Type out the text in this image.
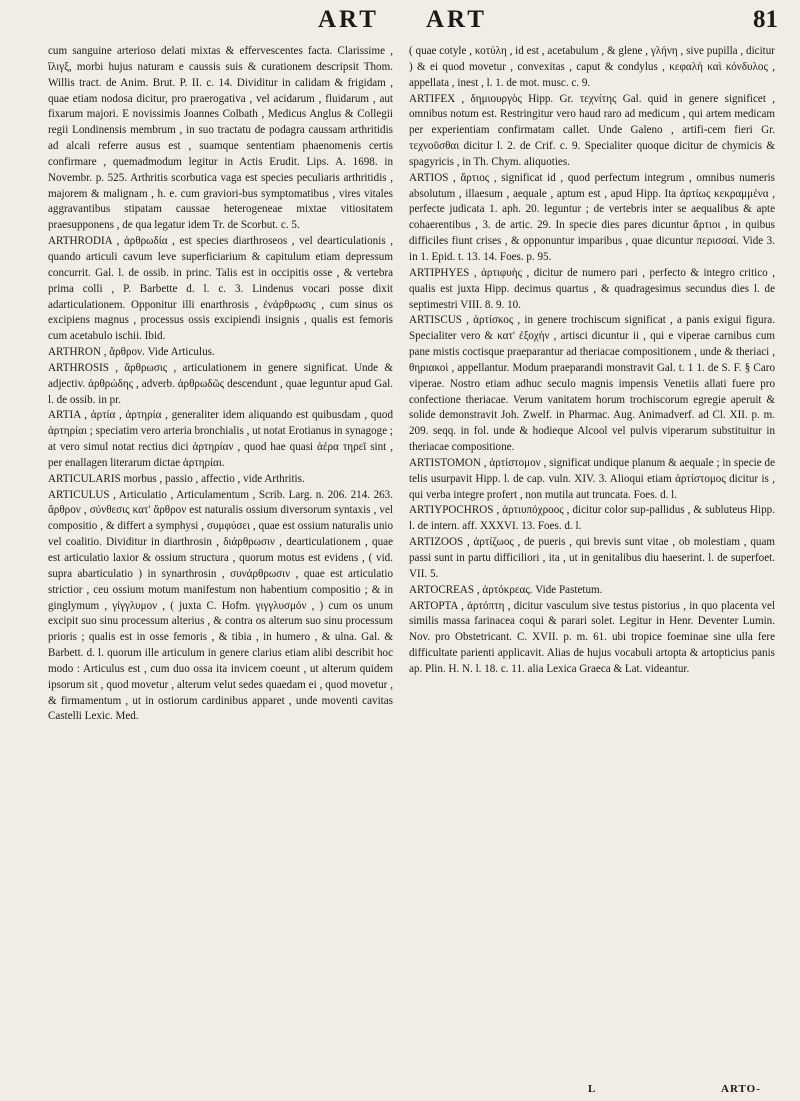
ART ART	81

cum sanguine arterioso delati mixtas & effervescentes facta. Clarissime , ἴλιγξ, morbi hujus naturam e caussis suis & curationem descripsit Thom. Willis tract. de Anim. Brut. P. II. c. 14. Dividitur in calidam & frigidam , quae etiam nodosa dicitur, pro praerogativa , vel acidarum , fluidarum , aut fixarum majori. E novissimis Joannes Colbath , Medicus Anglus & Collegii regii Londinensis membrum , in suo tractatu de podagra caussam arthritidis ad alcali referre ausus est , suamque sententiam phaenomenis certis confirmare , quemadmodum legitur in Actis Erudit. Lips. A. 1698. in Novembr. p. 525. Arthritis scorbutica vaga est species peculiaris arthritidis , majorem & malignam , h. e. cum graviori-bus symptomatibus , vires vitales aggravantibus stipatam caussae heterogeneae mixtae vitiositatem praesupponens , de qua legatur idem Tr. de Scorbut. c. 5.

ARTHRODIA , ἀρθρωδία , est species diarthroseos , vel dearticulationis , quando articuli cavum leve superficiarium & capitulum etiam depressum concurrit. Gal. l. de ossib. in princ. Talis est in occipitis osse , & vertebra prima colli , P. Barbette d. l. c. 3. Lindenus vocari posse dixit adarticulationem. Opponitur illi enarthrosis , ἐνάρθρωσις , cum sinus os excipiens magnus , processus ossis excipiendi insignis , qualis est femoris cum acetabulo ischii. Ibid.

ARTHRON , ἄρθρον. Vide Articulus.

ARTHROSIS , ἄρθρωσις , articulationem in genere significat. Unde & adjectiv. ἀρθρώδης , adverb. ἀρθρωδῶς descendunt , quae leguntur apud Gal. l. de ossib. in pr.

ARTIA , ἀρτία , ἀρτηρία , generaliter idem aliquando est quibusdam , quod ἀρτηρίαι ; speciatim vero arteria bronchialis , ut notat Erotianus in synagoge ; at vero simul notat rectius dici ἀρτηρίαν , quod hae quasi ἀέρα τηρεῖ sint , per enallagen literarum dictae ἀρτηρίαι.

ARTICULARIS morbus , passio , affectio , vide Arthritis.

ARTICULUS , Articulatio , Articulamentum , Scrib. Larg. n. 206. 214. 263. ἄρθρον , σύνθεσις κατ' ἄρθρον est naturalis ossium diversorum syntaxis , vel compositio , & differt a symphysi , συμφύσει , quae est ossium naturalis unio vel coalitio. Dividitur in diarthrosin , διάρθρωσιν , dearticulationem , quae est articulatio laxior & ossium structura , quorum motus est evidens , ( vid. supra abarticulatio ) in synarthrosin , συνάρθρωσιν , quae est articulatio strictior , ceu ossium motum manifestum non habentium compositio ; & in ginglymum , γίγγλυμον , ( juxta C. Hofm. γιγγλυσμόν , ) cum os unum excipit suo sinu processum alterius , & contra os alterum suo sinu processum prioris ; qualis est in osse femoris , & tibia , in humero , & ulna. Gal. & Barbett. d. l. quorum ille articulum in genere clarius etiam alibi describit hoc modo : Articulus est , cum duo ossa ita invicem coeunt , ut alterum quidem ipsorum sit , quod movetur , alterum velut sedes quaedam ei , quod movetur , & firmamentum , ut in ostiorum cardinibus apparet , unde moventi cavitas Castelli Lexic. Med.

( quae cotyle , κοτύλη , id est , acetabulum , & glene , γλήνη , sive pupilla , dicitur ) & ei quod movetur , convexitas , caput & condylus , κεφαλὴ καὶ κόνδυλος , appellata , inest , l. 1. de mot. musc. c. 9.

ARTIFEX , δημιουργὸς Hipp. Gr. τεχνίτης Gal. quid in genere significet , omnibus notum est. Restringitur vero haud raro ad medicum , qui artem medicam per experientiam confirmatam callet. Unde Galeno , artifi-cem fieri Gr. τεχνοῦσθαι dicitur l. 2. de Crif. c. 9. Specialiter quoque dicitur de chymicis & spagyricis , in Th. Chym. aliquoties.

ARTIOS , ἄρτιος , significat id , quod perfectum integrum , omnibus numeris absolutum , illaesum , aequale , aptum est , apud Hipp. Ita ἀρτίως κεκραμμένα , perfecte judicata 1. aph. 20. leguntur ; de vertebris inter se aequalibus & apte cohaerentibus , 3. de artic. 29. In specie dies pares dicuntur ἄρτιοι , in quibus difficiles fiunt crises , & opponuntur imparibus , quae dicuntur περισσαί. Vide 3. in 1. Epid. t. 13. 14. Foes. p. 95.

ARTIPHYES , ἀρτιφυὴς , dicitur de numero pari , perfecto & integro critico , qualis est juxta Hipp. decimus quartus , & quadragesimus secundus dies l. de septimestri VIII. 8. 9. 10.

ARTISCUS , ἀρτίσκος , in genere trochiscum significat , a panis exigui figura. Specialiter vero & κατ' ἐξοχὴν , artisci dicuntur ii , qui e viperae carnibus cum pane mistis coctisque praeparantur ad theriacae compositionem , unde & theriaci , θηριακοὶ , appellantur. Modum praeparandi monstravit Gal. t. 1 1. de S. F. § Caro viperae. Nostro etiam adhuc seculo magnis impensis Venetiis allati fuere pro confectione theriacae. Verum vanitatem horum trochiscorum egregie aperuit & solide demonstravit Joh. Zwelf. in Pharmac. Aug. Animadverf. ad Cl. XII. p. m. 209. seqq. in fol. unde & hodieque Alcool vel pulvis viperarum substituitur in theriacae compositione.

ARTISTOMON , ἀρτίστομον , significat undique planum & aequale ; in specie de telis usurpavit Hipp. l. de cap. vuln. XIV. 3. Alioqui etiam ἀρτίστομος dicitur is , qui verba integre profert , non mutila aut truncata. Foes. d. l.

ARTIYPOCHROS , ἀρτιυπόχροος , dicitur color sup-pallidus , & subluteus Hipp. l. de intern. aff. XXXVI. 13. Foes. d. l.

ARTIZOOS , ἀρτίζωος , de pueris , qui brevis sunt vitae , ob molestiam , quam passi sunt in partu difficiliori , ita , ut in genitalibus diu haeserint. l. de superfoet. VII. 5.

ARTOCREAS , ἀρτόκρεας. Vide Pastetum.

ARTOPTA , ἀρτόπτη , dicitur vasculum sive testus pistorius , in quo placenta vel similis massa farinacea coqui & parari solet. Legitur in Henr. Deventer Lumin. Nov. pro Obstetricant. C. XVII. p. m. 61. ubi tropice foeminae sine ulla fere difficultate parienti applicavit. Alias de hujus vocabuli artopta & artopticius panis ap. Plin. H. N. l. 18. c. 11. alia Lexica Graeca & Lat. videantur.

L	ARTO-
